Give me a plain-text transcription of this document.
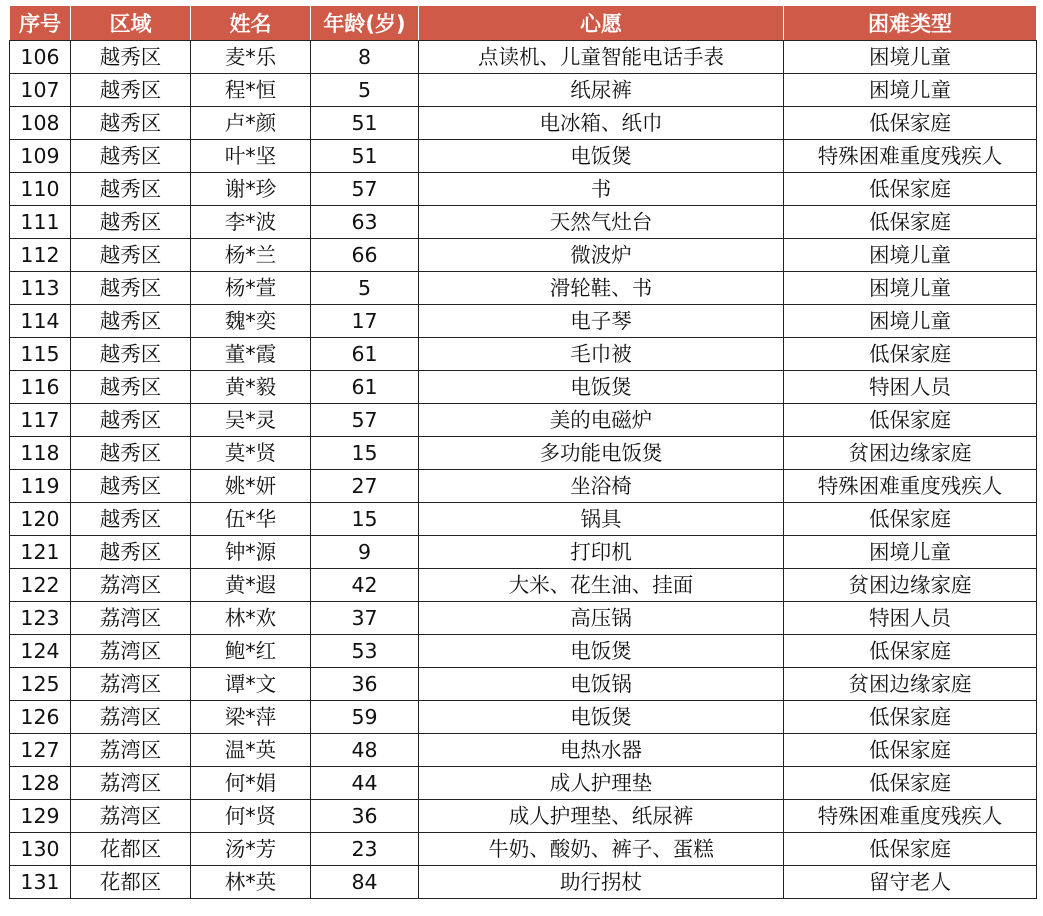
序号	区域	姓名	年龄(岁)	心愿	困难类型
106	越秀区	麦*乐	8	点读机、儿童智能电话手表	困境儿童
107	越秀区	程*恒	5	纸尿裤	困境儿童
108	越秀区	卢*颜	51	电冰箱、纸巾	低保家庭
109	越秀区	叶*坚	51	电饭煲	特殊困难重度残疾人
110	越秀区	谢*珍	57	书	低保家庭
111	越秀区	李*波	63	天然气灶台	低保家庭
112	越秀区	杨*兰	66	微波炉	困境儿童
113	越秀区	杨*萱	5	滑轮鞋、书	困境儿童
114	越秀区	魏*奕	17	电子琴	困境儿童
115	越秀区	董*霞	61	毛巾被	低保家庭
116	越秀区	黄*毅	61	电饭煲	特困人员
117	越秀区	吴*灵	57	美的电磁炉	低保家庭
118	越秀区	莫*贤	15	多功能电饭煲	贫困边缘家庭
119	越秀区	姚*妍	27	坐浴椅	特殊困难重度残疾人
120	越秀区	伍*华	15	锅具	低保家庭
121	越秀区	钟*源	9	打印机	困境儿童
122	荔湾区	黄*遐	42	大米、花生油、挂面	贫困边缘家庭
123	荔湾区	林*欢	37	高压锅	特困人员
124	荔湾区	鲍*红	53	电饭煲	低保家庭
125	荔湾区	谭*文	36	电饭锅	贫困边缘家庭
126	荔湾区	梁*萍	59	电饭煲	低保家庭
127	荔湾区	温*英	48	电热水器	低保家庭
128	荔湾区	何*娟	44	成人护理垫	低保家庭
129	荔湾区	何*贤	36	成人护理垫、纸尿裤	特殊困难重度残疾人
130	花都区	汤*芳	23	牛奶、酸奶、裤子、蛋糕	低保家庭
131	花都区	林*英	84	助行拐杖	留守老人
